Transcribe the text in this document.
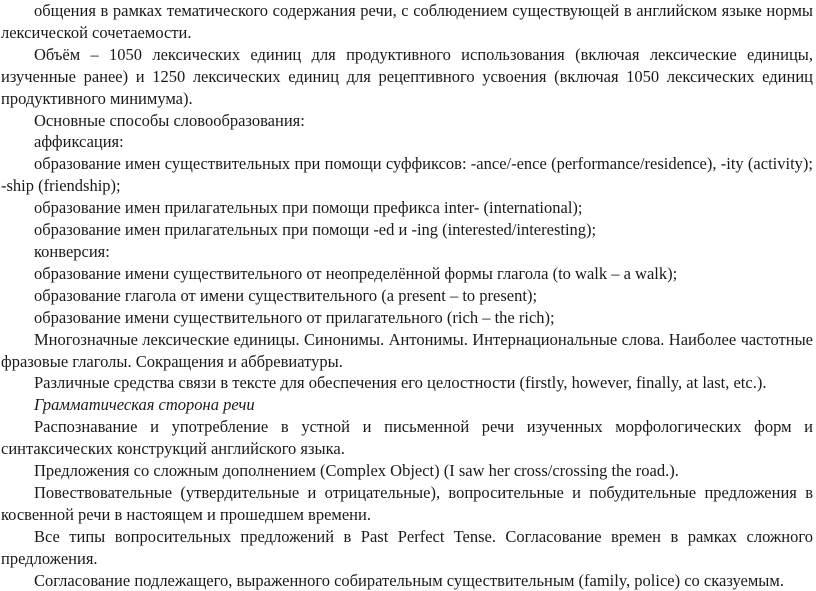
общения в рамках тематического содержания речи, с соблюдением существующей в английском языке нормы лексической сочетаемости.

Объём – 1050 лексических единиц для продуктивного использования (включая лексические единицы, изученные ранее) и 1250 лексических единиц для рецептивного усвоения (включая 1050 лексических единиц продуктивного минимума).

Основные способы словообразования:

аффиксация:

образование имен существительных при помощи суффиксов: -ance/-ence (performance/residence), -ity (activity); -ship (friendship);

образование имен прилагательных при помощи префикса inter- (international);

образование имен прилагательных при помощи -ed и -ing (interested/interesting);

конверсия:

образование имени существительного от неопределённой формы глагола (to walk – a walk);

образование глагола от имени существительного (a present – to present);

образование имени существительного от прилагательного (rich – the rich);

Многозначные лексические единицы. Синонимы. Антонимы. Интернациональные слова. Наиболее частотные фразовые глаголы. Сокращения и аббревиатуры.

Различные средства связи в тексте для обеспечения его целостности (firstly, however, finally, at last, etc.).

Грамматическая сторона речи

Распознавание и употребление в устной и письменной речи изученных морфологических форм и синтаксических конструкций английского языка.

Предложения со сложным дополнением (Complex Object) (I saw her cross/crossing the road.).

Повествовательные (утвердительные и отрицательные), вопросительные и побудительные предложения в косвенной речи в настоящем и прошедшем времени.

Все типы вопросительных предложений в Past Perfect Tense. Согласование времен в рамках сложного предложения.

Согласование подлежащего, выраженного собирательным существительным (family, police) со сказуемым.
